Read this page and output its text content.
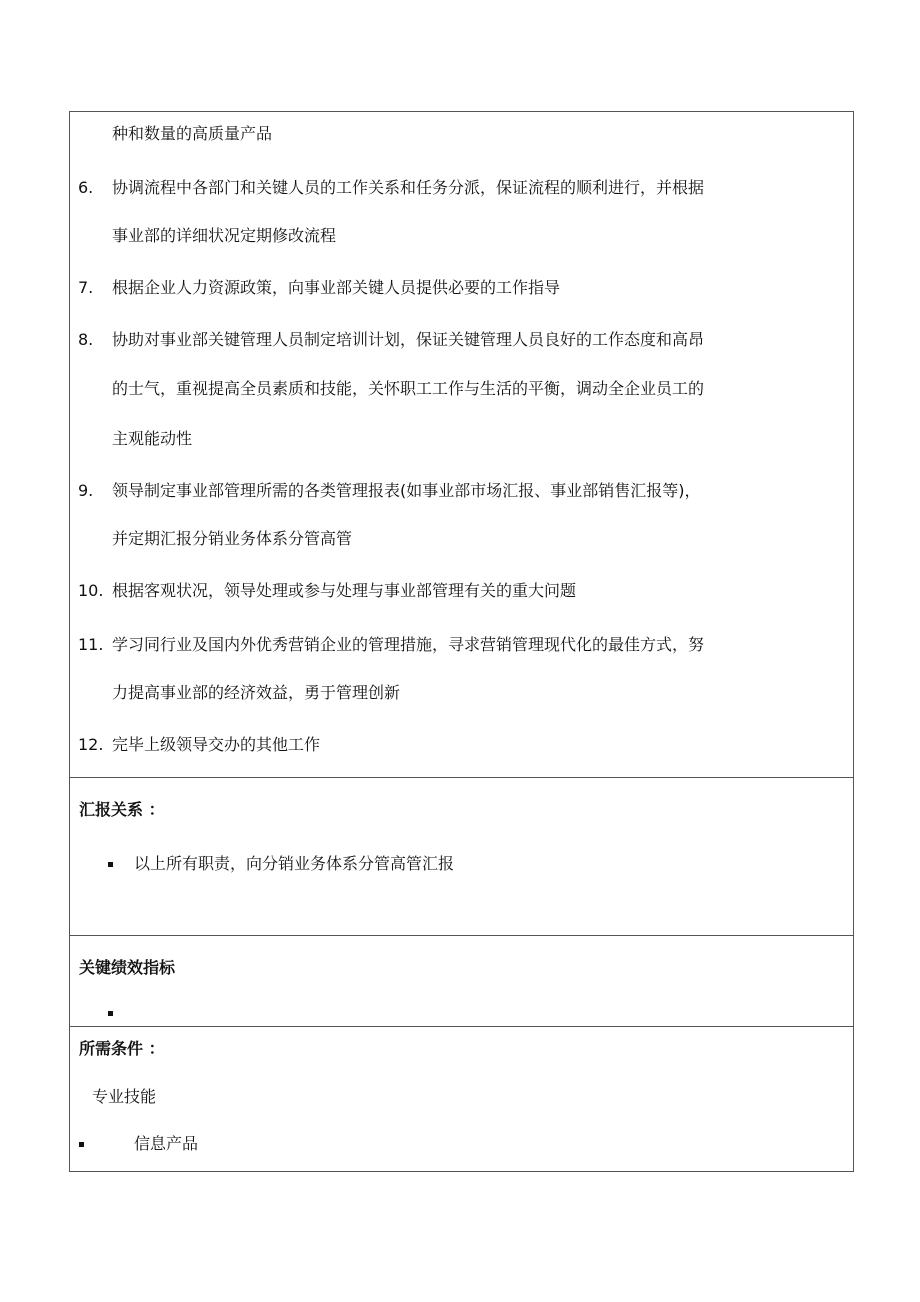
种和数量的高质量产品
6. 协调流程中各部门和关键人员的工作关系和任务分派，保证流程的顺利进行，并根据
事业部的详细状况定期修改流程
7. 根据企业人力资源政策，向事业部关键人员提供必要的工作指导
8. 协助对事业部关键管理人员制定培训计划，保证关键管理人员良好的工作态度和高昂
的士气，重视提高全员素质和技能，关怀职工工作与生活的平衡，调动全企业员工的
主观能动性
9. 领导制定事业部管理所需的各类管理报表(如事业部市场汇报、事业部销售汇报等)，
并定期汇报分销业务体系分管高管
10. 根据客观状况，领导处理或参与处理与事业部管理有关的重大问题
11. 学习同行业及国内外优秀营销企业的管理措施，寻求营销管理现代化的最佳方式，努
力提高事业部的经济效益，勇于管理创新
12. 完毕上级领导交办的其他工作
汇报关系 ：
以上所有职责，向分销业务体系分管高管汇报
关键绩效指标
所需条件 ：
专业技能
信息产品
